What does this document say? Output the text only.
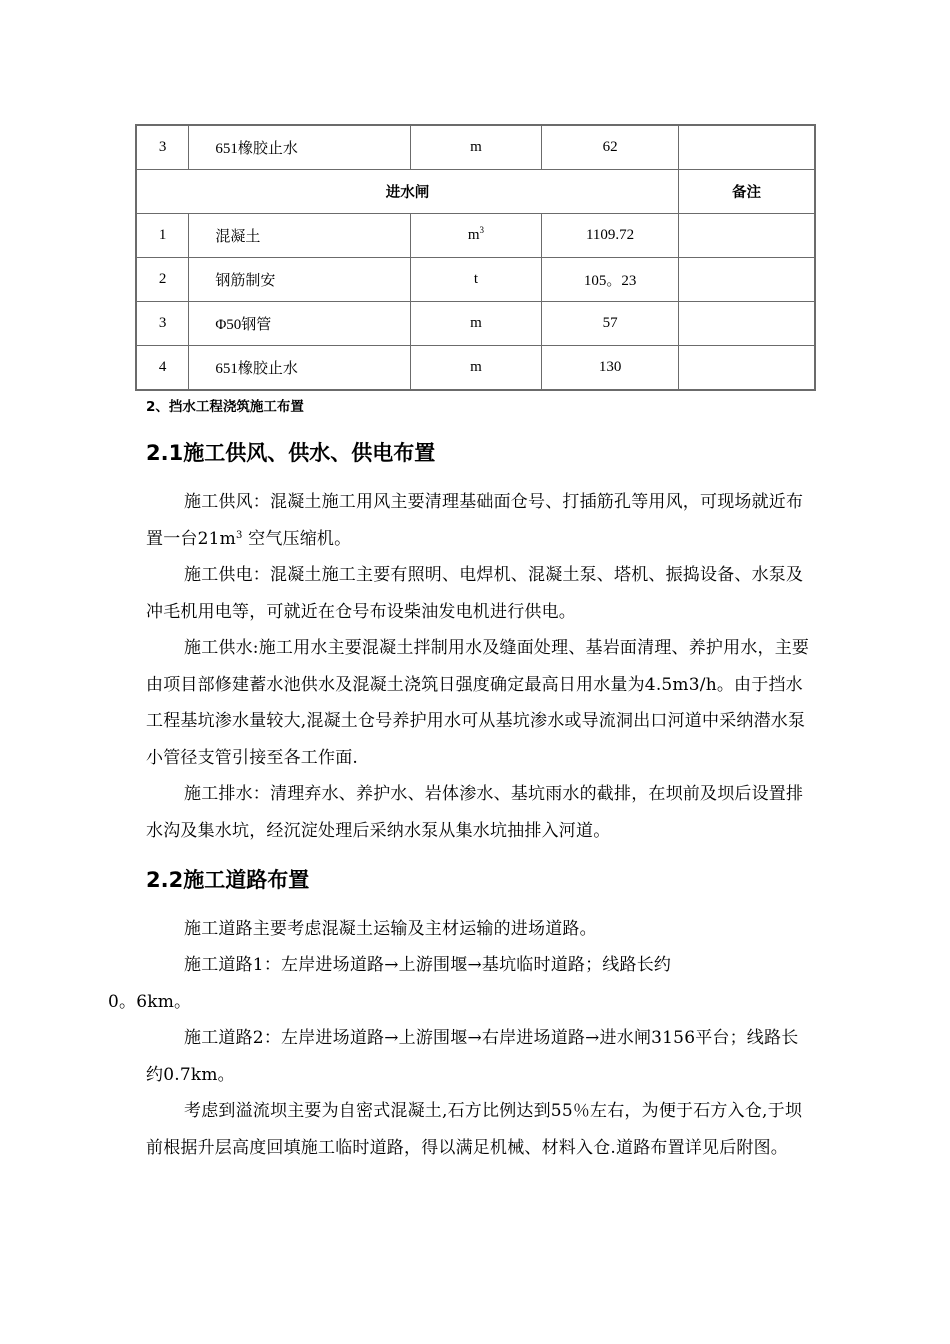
3	651橡胶止水	m	62	
进水闸				备注
1	混凝土	$m^3$	1109.72	
2	钢筋制安	t	105。23	
3	Φ50钢管	m	57	
4	651橡胶止水	m	130	
2、挡水工程浇筑施工布置
2.1施工供风、供水、供电布置

施工供风：混凝土施工用风主要清理基础面仓号、打插筋孔等用风，可现场就近布置一台$21m^3$ 空气压缩机。

施工供电：混凝土施工主要有照明、电焊机、混凝土泵、塔机、振捣设备、水泵及冲毛机用电等，可就近在仓号布设柴油发电机进行供电。

施工供水:施工用水主要混凝土拌制用水及缝面处理、基岩面清理、养护用水，主要由项目部修建蓄水池供水及混凝土浇筑日强度确定最高日用水量为4.5m3/h。由于挡水工程基坑渗水量较大,混凝土仓号养护用水可从基坑渗水或导流洞出口河道中采纳潜水泵小管径支管引接至各工作面.

施工排水：清理弃水、养护水、岩体渗水、基坑雨水的截排，在坝前及坝后设置排水沟及集水坑，经沉淀处理后采纳水泵从集水坑抽排入河道。

2.2施工道路布置

施工道路主要考虑混凝土运输及主材运输的进场道路。

施工道路1：左岸进场道路→上游围堰→基坑临时道路；线路长约
0。6km。

施工道路2：左岸进场道路→上游围堰→右岸进场道路→进水闸3156平台；线路长约0.7km。

考虑到溢流坝主要为自密式混凝土,石方比例达到55％左右，为便于石方入仓,于坝前根据升层高度回填施工临时道路，得以满足机械、材料入仓.道路布置详见后附图。
